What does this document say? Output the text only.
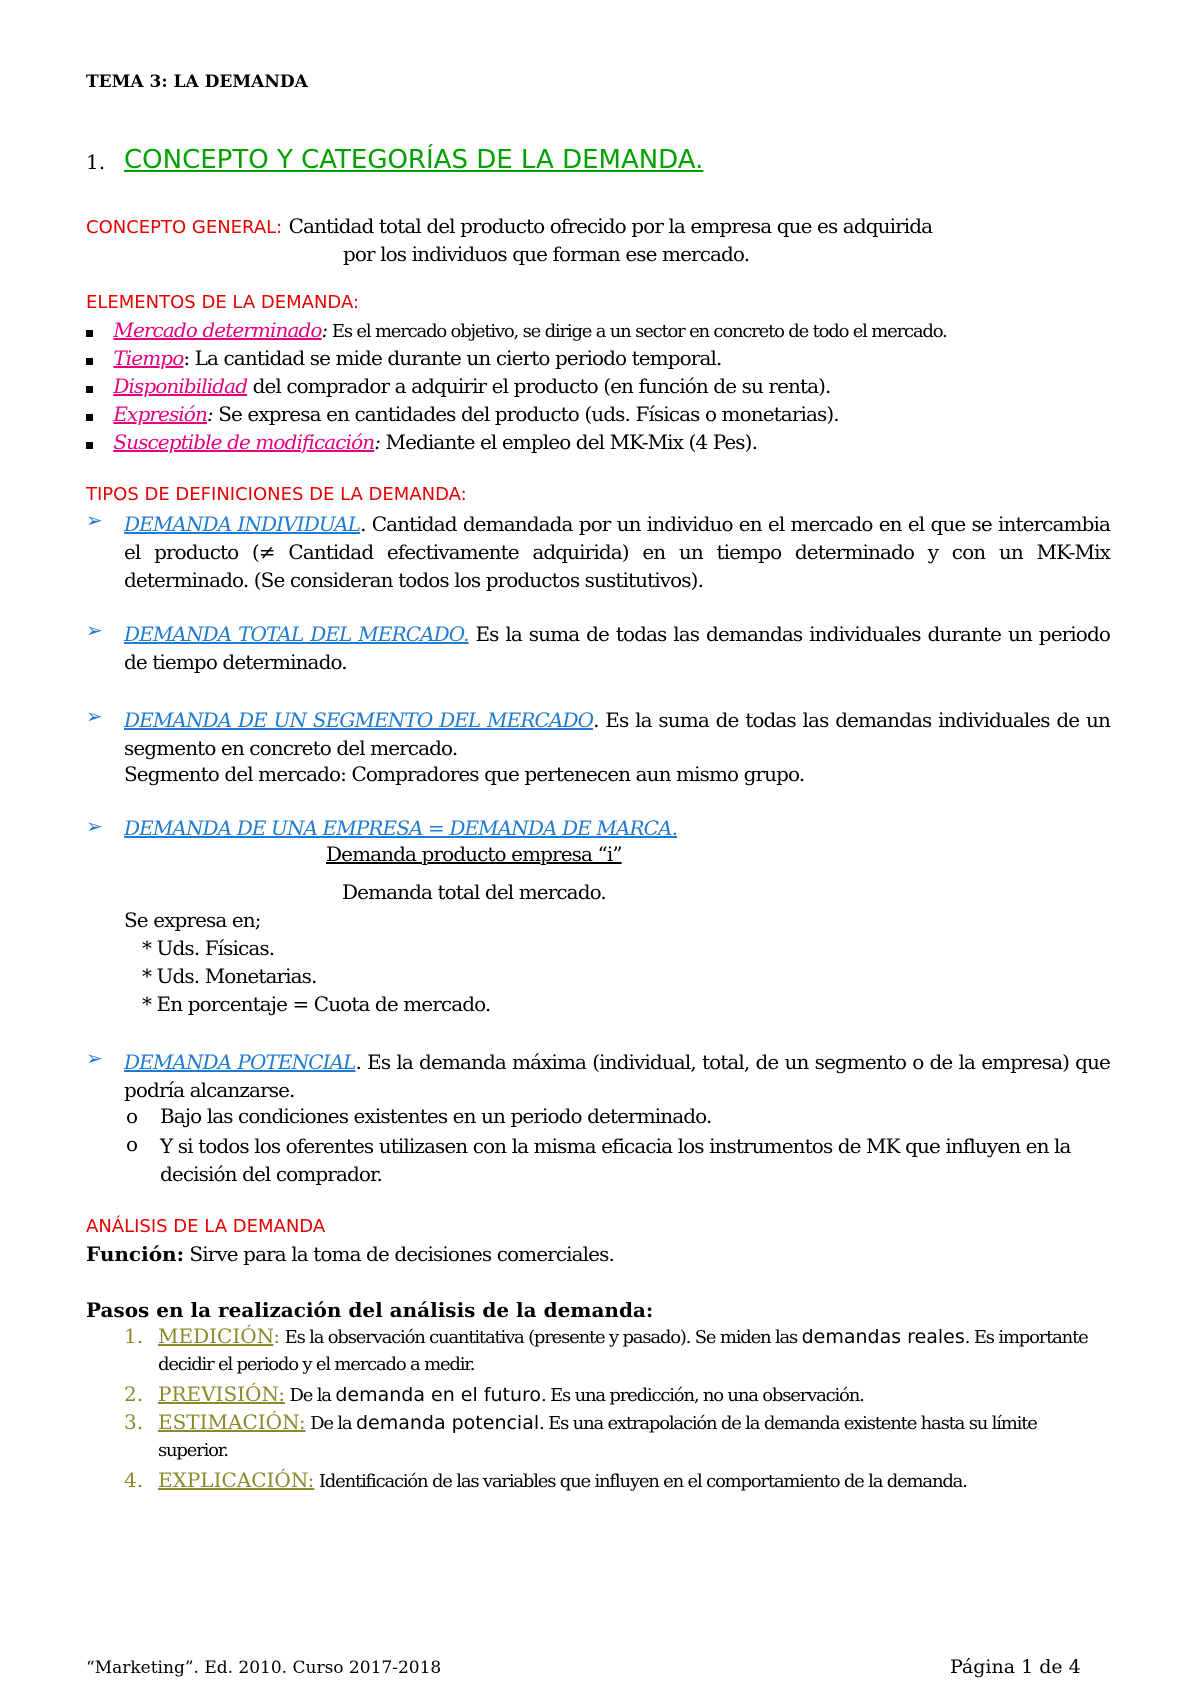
TEMA 3: LA DEMANDA
1. CONCEPTO Y CATEGORÍAS DE LA DEMANDA.
CONCEPTO GENERAL: Cantidad total del producto ofrecido por la empresa que es adquirida
por los individuos que forman ese mercado.
ELEMENTOS DE LA DEMANDA:
Mercado determinado: Es el mercado objetivo, se dirige a un sector en concreto de todo el mercado.
Tiempo: La cantidad se mide durante un cierto periodo temporal.
Disponibilidad del comprador a adquirir el producto (en función de su renta).
Expresión: Se expresa en cantidades del producto (uds. Físicas o monetarias).
Susceptible de modificación: Mediante el empleo del MK-Mix (4 Pes).
TIPOS DE DEFINICIONES DE LA DEMANDA:
➢ DEMANDA INDIVIDUAL. Cantidad demandada por un individuo en el mercado en el que se intercambia el producto (≠ Cantidad efectivamente adquirida) en un tiempo determinado y con un MK-Mix determinado. (Se consideran todos los productos sustitutivos).
➢ DEMANDA TOTAL DEL MERCADO. Es la suma de todas las demandas individuales durante un periodo de tiempo determinado.
➢ DEMANDA DE UN SEGMENTO DEL MERCADO. Es la suma de todas las demandas individuales de un segmento en concreto del mercado.
Segmento del mercado: Compradores que pertenecen aun mismo grupo.
➢ DEMANDA DE UNA EMPRESA = DEMANDA DE MARCA.
Demanda producto empresa “i”
Demanda total del mercado.
Se expresa en;
* Uds. Físicas.
* Uds. Monetarias.
* En porcentaje = Cuota de mercado.
➢ DEMANDA POTENCIAL. Es la demanda máxima (individual, total, de un segmento o de la empresa) que podría alcanzarse.
o Bajo las condiciones existentes en un periodo determinado.
o Y si todos los oferentes utilizasen con la misma eficacia los instrumentos de MK que influyen en la decisión del comprador.
ANÁLISIS DE LA DEMANDA
Función: Sirve para la toma de decisiones comerciales.
Pasos en la realización del análisis de la demanda:
1. MEDICIÓN: Es la observación cuantitativa (presente y pasado). Se miden las demandas reales. Es importante
decidir el periodo y el mercado a medir.
2. PREVISIÓN: De la demanda en el futuro. Es una predicción, no una observación.
3. ESTIMACIÓN: De la demanda potencial. Es una extrapolación de la demanda existente hasta su límite
superior.
4. EXPLICACIÓN: Identificación de las variables que influyen en el comportamiento de la demanda.
“Marketing”. Ed. 2010. Curso 2017-2018	Página 1 de 4
